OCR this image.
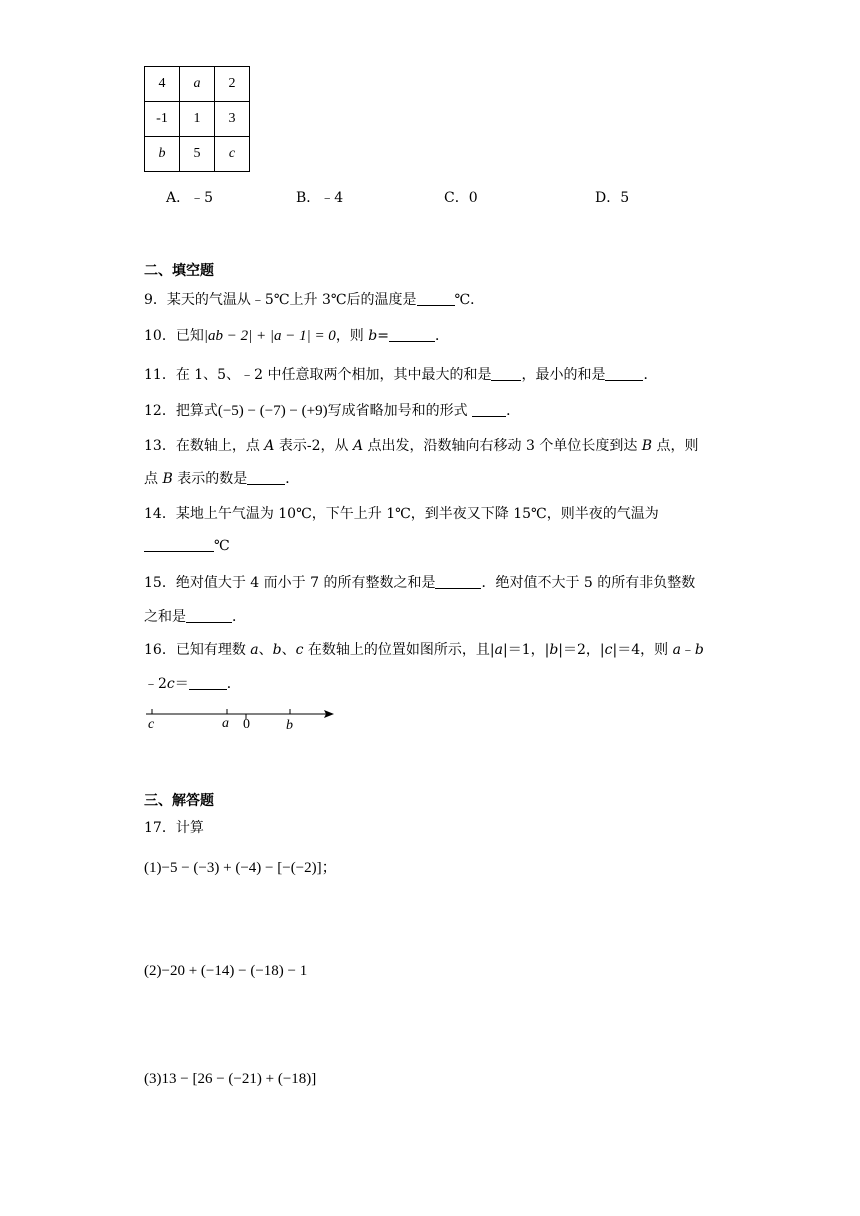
4	a	2
-1	1	3
b	5	c
A．﹣5	B．﹣4	C．0	D．5
二、填空题
9．某天的气温从﹣5℃上升 3℃后的温度是	℃．
10．已知|ab − 2| + |a − 1| = 0，则 b=	．
11．在 1、5、﹣2 中任意取两个相加，其中最大的和是 ，最小的和是	．
12．把算式(−5) − (−7) − (+9)写成省略加号和的形式 ．
13．在数轴上，点 A 表示-2，从 A 点出发，沿数轴向右移动 3 个单位长度到达 B 点，则
点 B 表示的数是	．
14．某地上午气温为 10℃，下午上升 1℃，到半夜又下降 15℃，则半夜的气温为
℃
15．绝对值大于 4 而小于 7 的所有整数之和是	．绝对值不大于 5 的所有非负整数
之和是	．
16．已知有理数 a、b、c 在数轴上的位置如图所示，且|a|＝1，|b|＝2，|c|＝4，则 a﹣b
﹣2c＝	．
c	a 0	b
三、解答题
17．计算
(1)−5 − (−3) + (−4) − [−(−2)]；
(2)−20 + (−14) − (−18) − 1
(3)13 − [26 − (−21) + (−18)]
